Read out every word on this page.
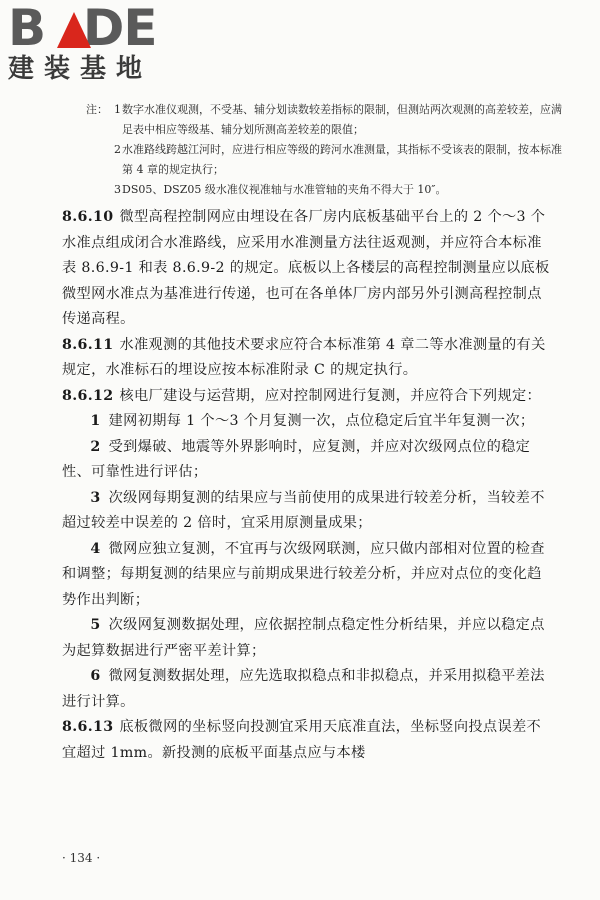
B​ DE
建装基地
注： 1 数字水准仪观测，不受基、辅分划读数较差指标的限制，但测站两次观测的高差较差，应满足表中相应等级基、辅分划所测高差较差的限值；
2 水准路线跨越江河时，应进行相应等级的跨河水准测量，其指标不受该表的限制，按本标准第 4 章的规定执行；
3 DS05、DSZ05 级水准仪视准轴与水准管轴的夹角不得大于 10″。

8.6.10 微型高程控制网应由埋设在各厂房内底板基础平台上的 2 个～3 个水准点组成闭合水准路线，应采用水准测量方法往返观测，并应符合本标准表 8.6.9-1 和表 8.6.9-2 的规定。底板以上各楼层的高程控制测量应以底板微型网水准点为基准进行传递，也可在各单体厂房内部另外引测高程控制点传递高程。

8.6.11 水准观测的其他技术要求应符合本标准第 4 章二等水准测量的有关规定，水准标石的埋设应按本标准附录 C 的规定执行。

8.6.12 核电厂建设与运营期，应对控制网进行复测，并应符合下列规定：

1 建网初期每 1 个～3 个月复测一次，点位稳定后宜半年复测一次；

2 受到爆破、地震等外界影响时，应复测，并应对次级网点位的稳定性、可靠性进行评估；

3 次级网每期复测的结果应与当前使用的成果进行较差分析，当较差不超过较差中误差的 2 倍时，宜采用原测量成果；

4 微网应独立复测，不宜再与次级网联测，应只做内部相对位置的检查和调整；每期复测的结果应与前期成果进行较差分析，并应对点位的变化趋势作出判断；

5 次级网复测数据处理，应依据控制点稳定性分析结果，并应以稳定点为起算数据进行严密平差计算；

6 微网复测数据处理，应先选取拟稳点和非拟稳点，并采用拟稳平差法进行计算。

8.6.13 底板微网的坐标竖向投测宜采用天底准直法，坐标竖向投点误差不宜超过 1mm。新投测的底板平面基点应与本楼

· 134 ·
